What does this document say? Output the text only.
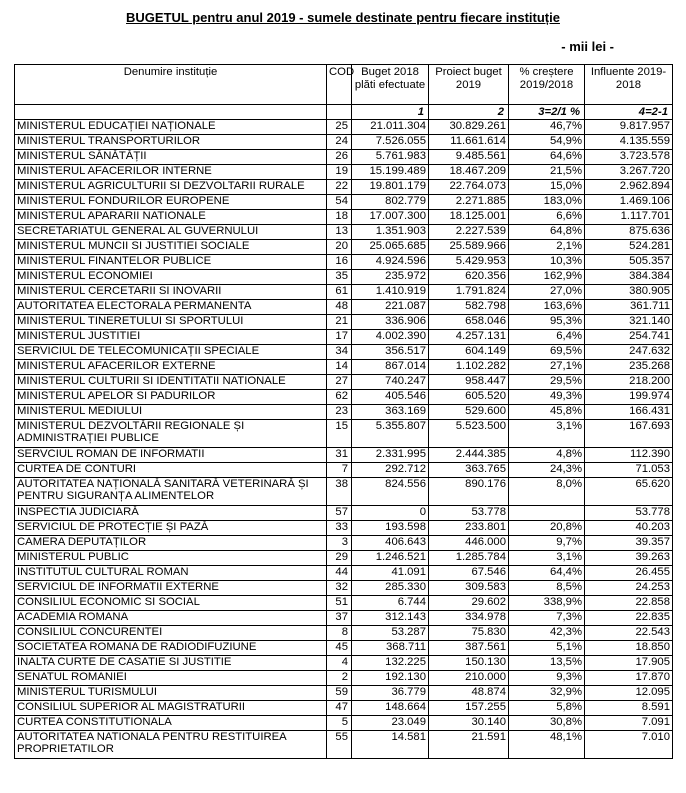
BUGETUL pentru anul 2019 - sumele destinate pentru fiecare instituție
- mii lei -
Denumire instituție	COD	Buget 2018 plăti efectuate	Proiect buget 2019	% creștere 2019/2018	Influente 2019-2018
		1	2	3=2/1 %	4=2-1
MINISTERUL EDUCAȚIEI NAȚIONALE	25	21.011.304	30.829.261	46,7%	9.817.957
MINISTERUL TRANSPORTURILOR	24	7.526.055	11.661.614	54,9%	4.135.559
MINISTERUL SĂNĂTĂȚII	26	5.761.983	9.485.561	64,6%	3.723.578
MINISTERUL AFACERILOR INTERNE	19	15.199.489	18.467.209	21,5%	3.267.720
MINISTERUL AGRICULTURII SI DEZVOLTARII RURALE	22	19.801.179	22.764.073	15,0%	2.962.894
MINISTERUL FONDURILOR EUROPENE	54	802.779	2.271.885	183,0%	1.469.106
MINISTERUL APARARII NATIONALE	18	17.007.300	18.125.001	6,6%	1.117.701
SECRETARIATUL GENERAL AL GUVERNULUI	13	1.351.903	2.227.539	64,8%	875.636
MINISTERUL MUNCII SI JUSTITIEI SOCIALE	20	25.065.685	25.589.966	2,1%	524.281
MINISTERUL FINANTELOR PUBLICE	16	4.924.596	5.429.953	10,3%	505.357
MINISTERUL ECONOMIEI	35	235.972	620.356	162,9%	384.384
MINISTERUL CERCETARII SI INOVARII	61	1.410.919	1.791.824	27,0%	380.905
AUTORITATEA ELECTORALA PERMANENTA	48	221.087	582.798	163,6%	361.711
MINISTERUL TINERETULUI SI SPORTULUI	21	336.906	658.046	95,3%	321.140
MINISTERUL JUSTITIEI	17	4.002.390	4.257.131	6,4%	254.741
SERVICIUL DE TELECOMUNICAȚII SPECIALE	34	356.517	604.149	69,5%	247.632
MINISTERUL AFACERILOR EXTERNE	14	867.014	1.102.282	27,1%	235.268
MINISTERUL CULTURII SI IDENTITATII NATIONALE	27	740.247	958.447	29,5%	218.200
MINISTERUL APELOR SI PADURILOR	62	405.546	605.520	49,3%	199.974
MINISTERUL MEDIULUI	23	363.169	529.600	45,8%	166.431
MINISTERUL DEZVOLTĂRII REGIONALE ȘI ADMINISTRAȚIEI PUBLICE	15	5.355.807	5.523.500	3,1%	167.693
SERVCIUL ROMAN DE INFORMATII	31	2.331.995	2.444.385	4,8%	112.390
CURTEA DE CONTURI	7	292.712	363.765	24,3%	71.053
AUTORITATEA NAȚIONALĂ SANITARĂ VETERINARĂ ȘI PENTRU SIGURANȚA ALIMENTELOR	38	824.556	890.176	8,0%	65.620
INSPECTIA JUDICIARĂ	57	0	53.778		53.778
SERVICIUL DE PROTECȚIE ȘI PAZĂ	33	193.598	233.801	20,8%	40.203
CAMERA DEPUTAȚILOR	3	406.643	446.000	9,7%	39.357
MINISTERUL PUBLIC	29	1.246.521	1.285.784	3,1%	39.263
INSTITUTUL CULTURAL ROMAN	44	41.091	67.546	64,4%	26.455
SERVICIUL DE INFORMATII EXTERNE	32	285.330	309.583	8,5%	24.253
CONSILIUL ECONOMIC SI SOCIAL	51	6.744	29.602	338,9%	22.858
ACADEMIA ROMANA	37	312.143	334.978	7,3%	22.835
CONSILIUL CONCURENTEI	8	53.287	75.830	42,3%	22.543
SOCIETATEA ROMANA DE RADIODIFUZIUNE	45	368.711	387.561	5,1%	18.850
INALTA CURTE DE CASATIE SI JUSTITIE	4	132.225	150.130	13,5%	17.905
SENATUL ROMANIEI	2	192.130	210.000	9,3%	17.870
MINISTERUL TURISMULUI	59	36.779	48.874	32,9%	12.095
CONSILIUL SUPERIOR AL MAGISTRATURII	47	148.664	157.255	5,8%	8.591
CURTEA CONSTITUTIONALA	5	23.049	30.140	30,8%	7.091
AUTORITATEA NATIONALA PENTRU RESTITUIREA PROPRIETATILOR	55	14.581	21.591	48,1%	7.010
